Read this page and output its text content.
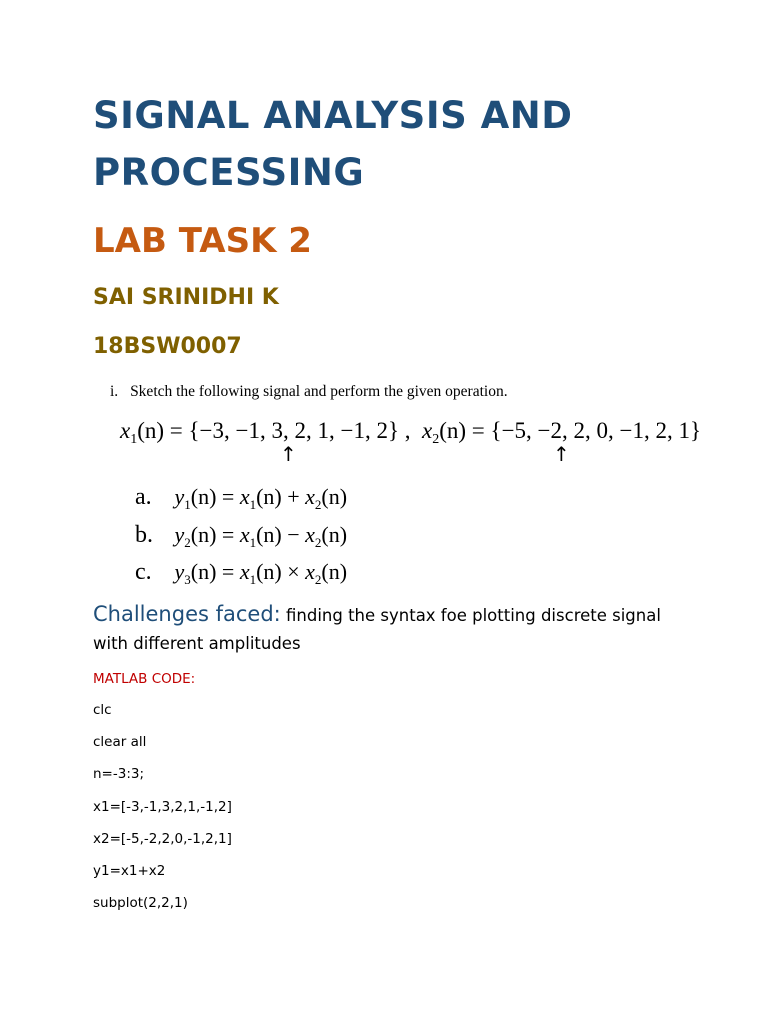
SIGNAL ANALYSIS AND
PROCESSING
LAB TASK 2
SAI SRINIDHI K
18BSW0007
i. Sketch the following signal and perform the given operation.
$x_1(n) = \{-3$, −1, 3, 2, 1, −1, 2} , $x_2(n) = \{-5$, −2, 2, 0, −1, 2, 1}
↑	↑
a. $y_1(n) = x_1(n) + x_2(n)$
b. $y_2(n) = x_1(n) - x_2(n)$
c. $y_3(n) = x_1(n) \times x_2(n)$
Challenges faced: finding the syntax foe plotting discrete signal with different amplitudes
MATLAB CODE:
clc
clear all
n=-3:3;
x1=[-3,-1,3,2,1,-1,2]
x2=[-5,-2,2,0,-1,2,1]
y1=x1+x2
subplot(2,2,1)
